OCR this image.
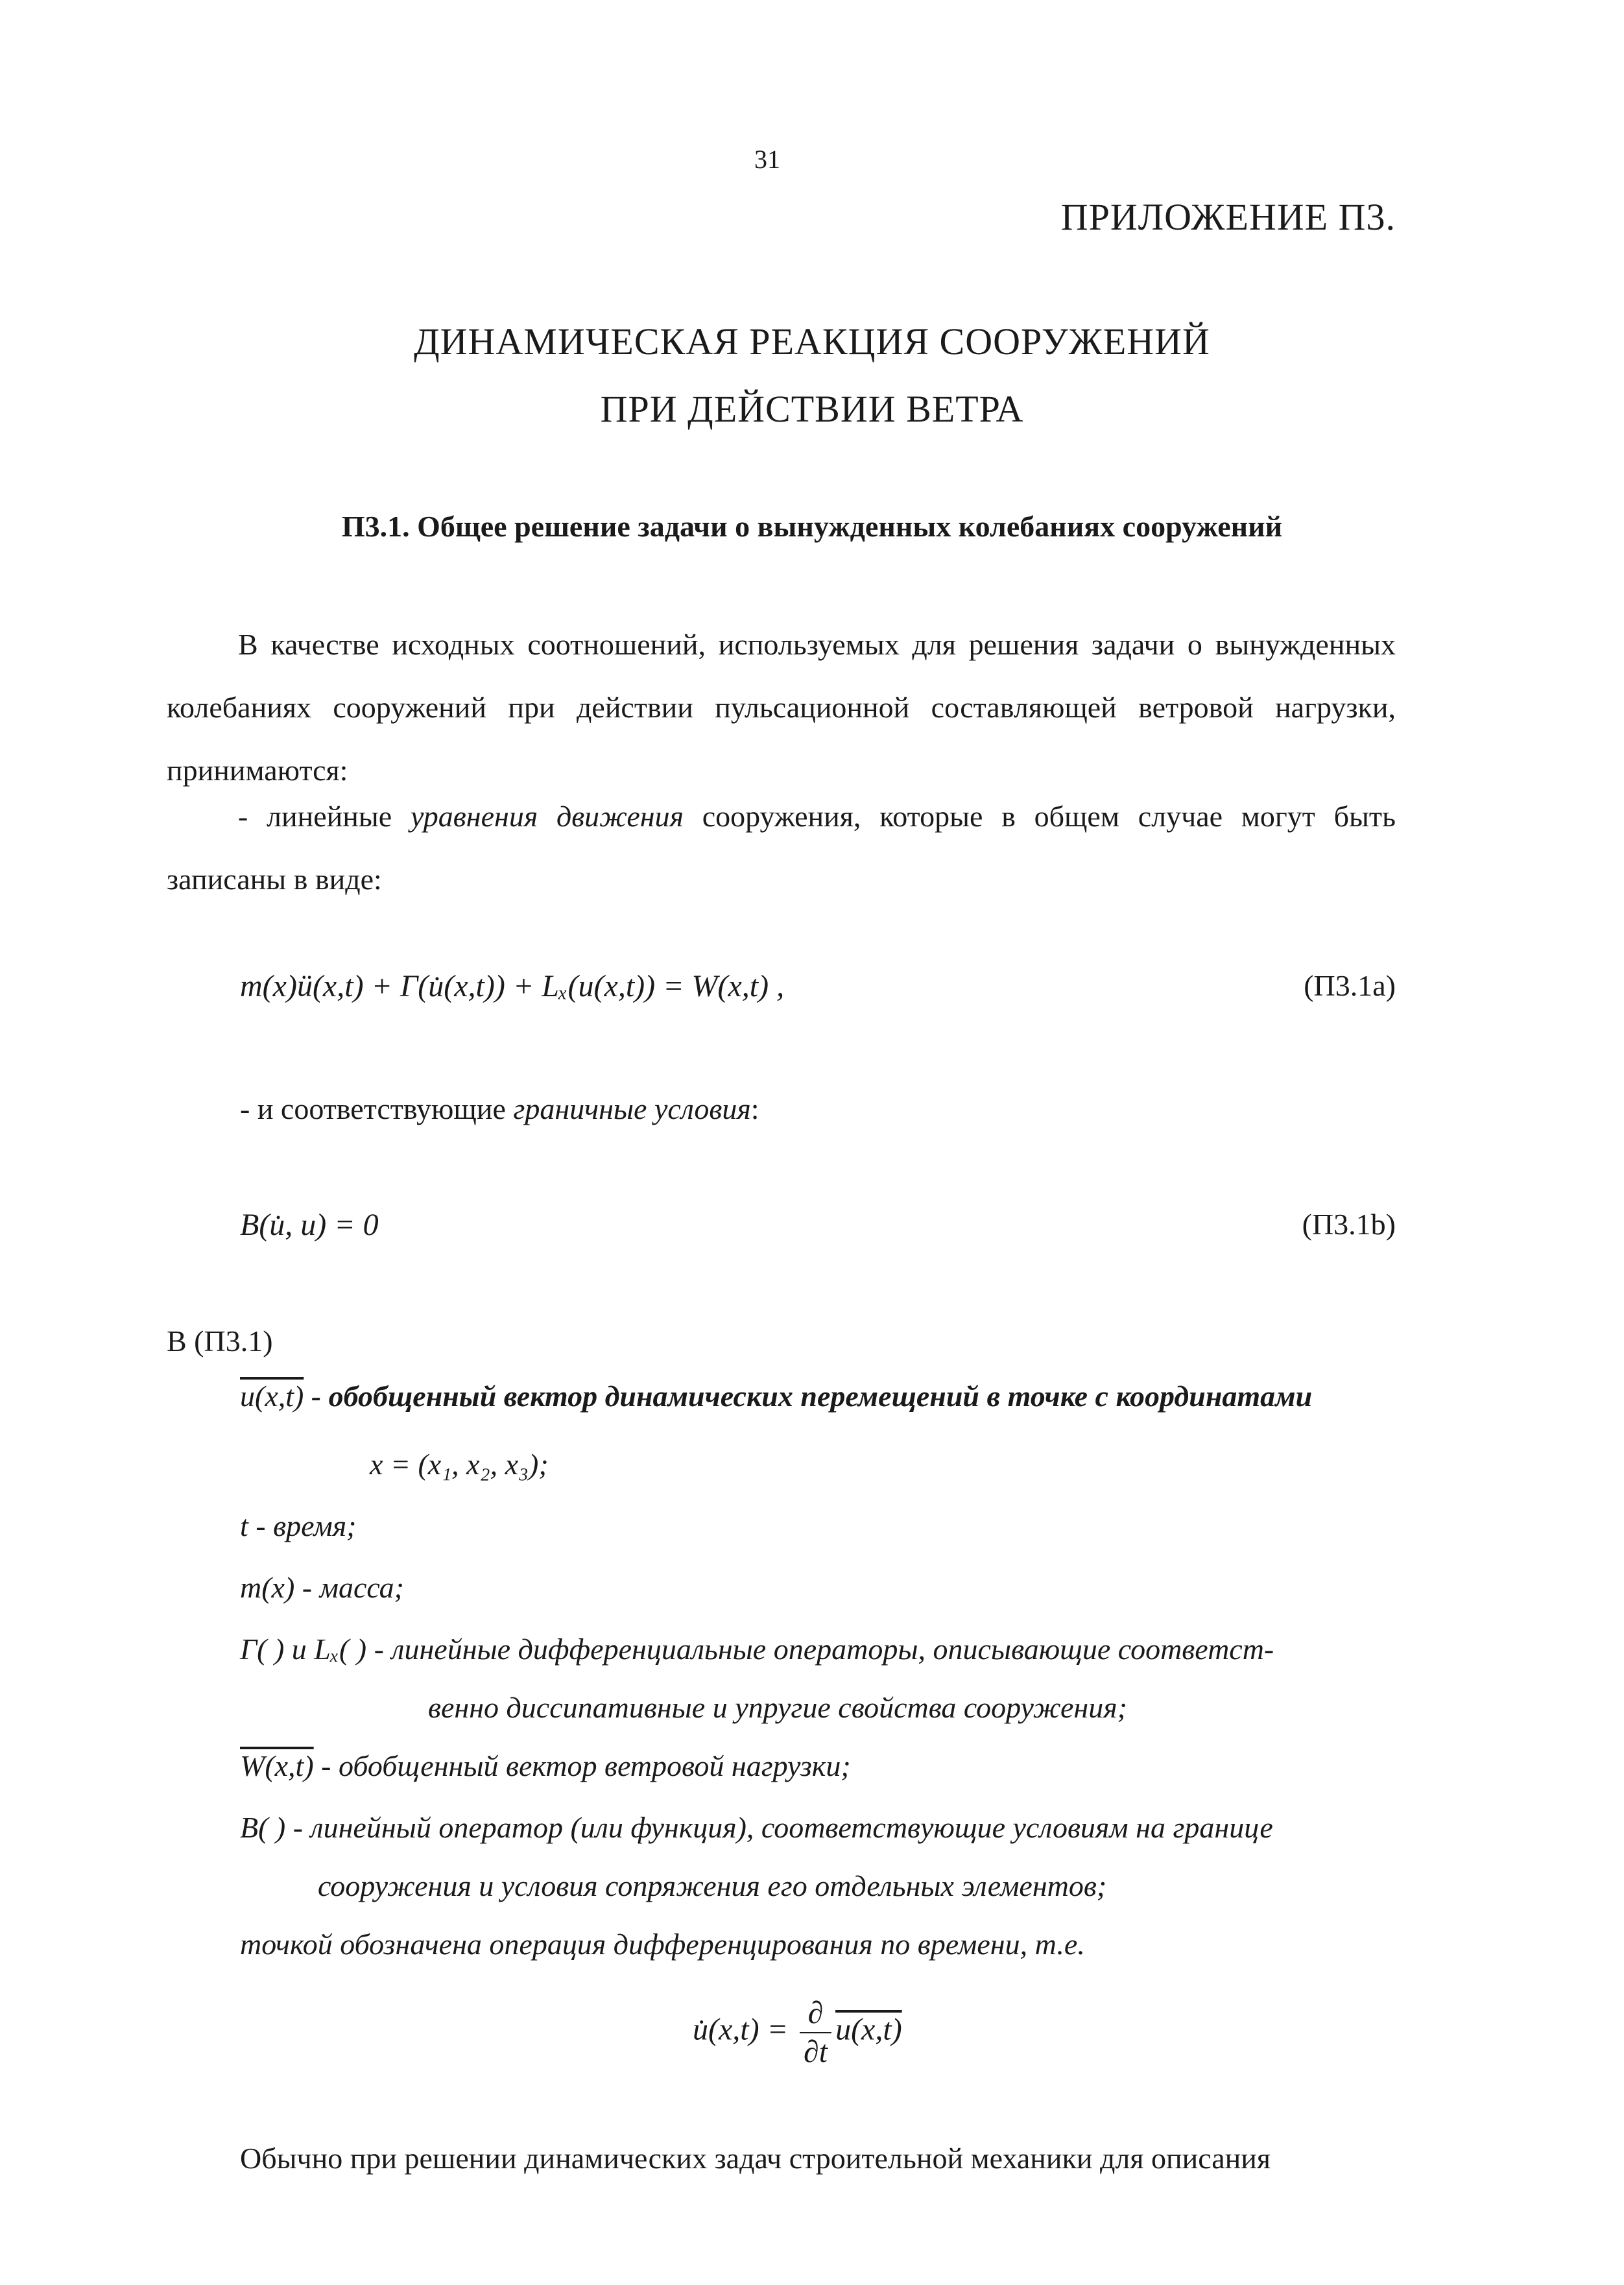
31
ПРИЛОЖЕНИЕ П3.
ДИНАМИЧЕСКАЯ РЕАКЦИЯ СООРУЖЕНИЙ
ПРИ ДЕЙСТВИИ ВЕТРА
П3.1. Общее решение задачи о вынужденных колебаниях сооружений
В качестве исходных соотношений, используемых для решения задачи о вынужденных колебаниях сооружений при действии пульсационной составляющей ветровой нагрузки, принимаются:
- линейные уравнения движения сооружения, которые в общем случае могут быть записаны в виде:
m(x)ü(x,t) + Γ(u̇(x,t)) + Lₓ(u(x,t)) = W(x,t) ,	(П3.1a)
- и соответствующие граничные условия:
B(u̇, u) = 0	(П3.1b)
В (П3.1)
u(x,t) - обобщенный вектор динамических перемещений в точке с координатами
x = (x₁, x₂, x₃);
t - время;
m(x) - масса;
Г( ) и Lₓ( ) - линейные дифференциальные операторы, описывающие соответст-
венно диссипативные и упругие свойства сооружения;
W(x,t) - обобщенный вектор ветровой нагрузки;
В( ) - линейный оператор (или функция), соответствующие условиям на границе
сооружения и условия сопряжения его отдельных элементов;
точкой обозначена операция дифференцирования по времени, т.е.
u̇(x,t) = $\frac{\partial}{\partial t} u(x,t)$
Обычно при решении динамических задач строительной механики для описания
